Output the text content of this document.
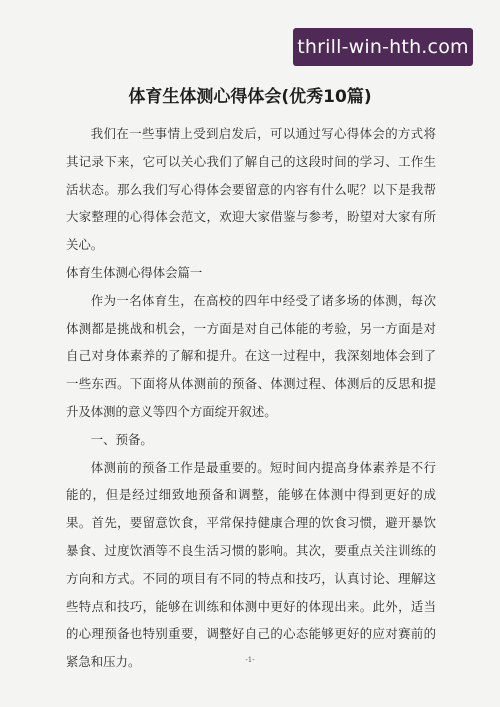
thrill-win-hth.com
体育生体测心得体会(优秀10篇)

我们在一些事情上受到启发后，可以通过写心得体会的方式将其记录下来，它可以关心我们了解自己的这段时间的学习、工作生活状态。那么我们写心得体会要留意的内容有什么呢？以下是我帮大家整理的心得体会范文，欢迎大家借鉴与参考，盼望对大家有所关心。

体育生体测心得体会篇一

作为一名体育生，在高校的四年中经受了诸多场的体测，每次体测都是挑战和机会，一方面是对自己体能的考验，另一方面是对自己对身体素养的了解和提升。在这一过程中，我深刻地体会到了一些东西。下面将从体测前的预备、体测过程、体测后的反思和提升及体测的意义等四个方面绽开叙述。

一、预备。

体测前的预备工作是最重要的。短时间内提高身体素养是不行能的，但是经过细致地预备和调整，能够在体测中得到更好的成果。首先，要留意饮食，平常保持健康合理的饮食习惯，避开暴饮暴食、过度饮酒等不良生活习惯的影响。其次，要重点关注训练的方向和方式。不同的项目有不同的特点和技巧，认真讨论、理解这些特点和技巧，能够在训练和体测中更好的体现出来。此外，适当的心理预备也特别重要，调整好自己的心态能够更好的应对赛前的紧急和压力。	-1-
